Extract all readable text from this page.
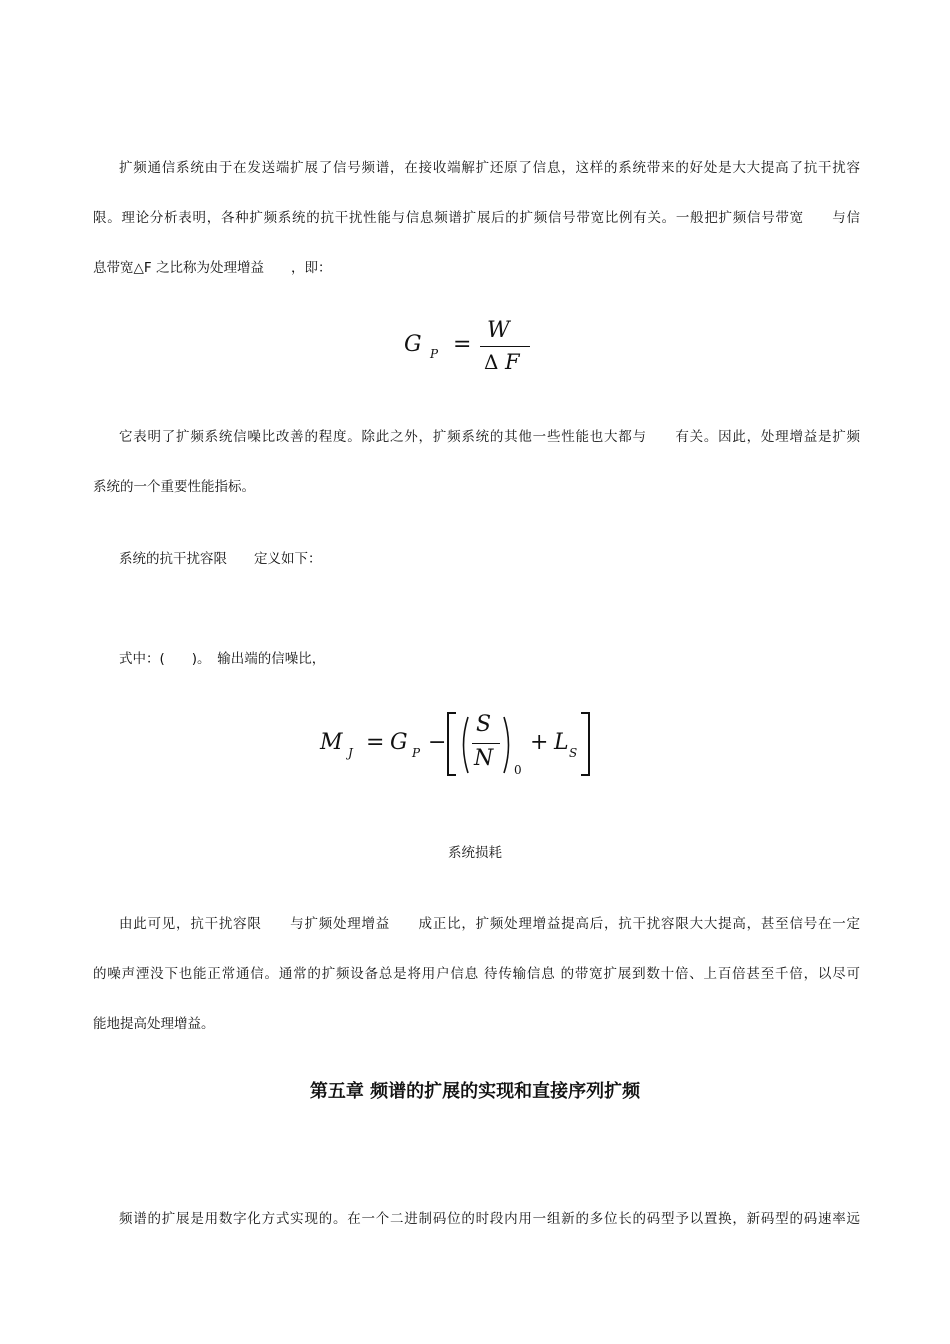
扩频通信系统由于在发送端扩展了信号频谱，在接收端解扩还原了信息，这样的系统带来的好处是大大提高了抗干扰容
限。理论分析表明，各种扩频系统的抗干扰性能与信息频谱扩展后的扩频信号带宽比例有关。一般把扩频信号带宽　　与信
息带宽△F 之比称为处理增益　　，即：
G P =
W
Δ F
它表明了扩频系统信噪比改善的程度。除此之外，扩频系统的其他一些性能也大都与　　有关。因此，处理增益是扩频
系统的一个重要性能指标。
系统的抗干扰容限　　定义如下：
式中：(　　)。　输出端的信噪比，
M J = G P −
S
N 0
+ L S
系统损耗
由此可见，抗干扰容限　　与扩频处理增益　　成正比，扩频处理增益提高后，抗干扰容限大大提高，甚至信号在一定
的噪声湮没下也能正常通信。通常的扩频设备总是将用户信息 待传输信息 的带宽扩展到数十倍、上百倍甚至千倍，以尽可
能地提高处理增益。
第五章 频谱的扩展的实现和直接序列扩频
频谱的扩展是用数字化方式实现的。在一个二进制码位的时段内用一组新的多位长的码型予以置换，新码型的码速率远
